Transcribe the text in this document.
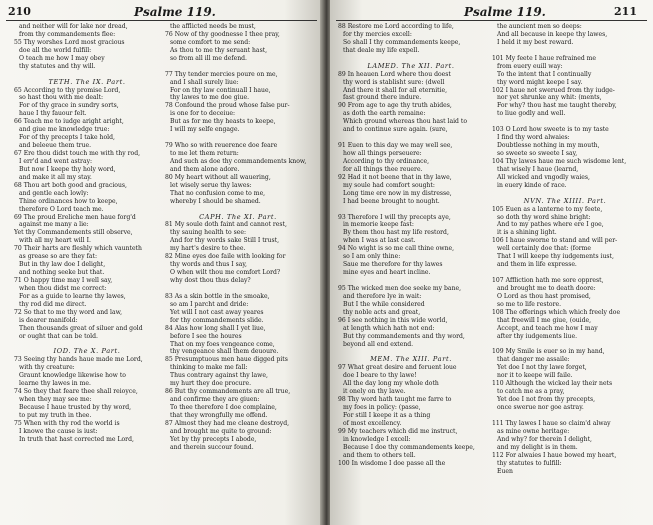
210	Psalme 119.
and neither will for lake nor dread,
from thy commandements flee:
55 Thy worshes Lord most gracious
doe all the world fulfill:
O teach me how I may obey
thy statutes and thy will.
TETH. The IX. Part.
65 According to thy promise Lord,
so hast thou with me dealt:
For of thy grace in sundry sorts,
haue I thy fauour felt.
66 Teach me to iudge aright aright,
and giue me knowledge true:
For of thy precepts I take hold,
and beleeue them true.
67 Ere thou didst touch me with thy rod,
I err'd and went astray:
But now I keepe thy holy word,
and make it all my stay.
68 Thou art both good and gracious,
and gentle each lowly:
Thine ordinances how to keepe,
therefore O Lord teach me.
69 The proud Ereliche men haue forg'd
against me many a lie:
Yet thy Commandements still observe,
with all my heart will I.
70 Their harts are fleshly which vaunteth
as grease so are they fat:
But in thy law doe I delight,
and nothing seeke but that.
71 O happy time may I well say,
when thou didst me correct:
For as a guide to learne thy lawes,
thy rod did me direct.
72 So that to me thy word and law,
is dearer manifold:
Then thousands great of siluer and gold
or ought that can be told.
IOD. The X. Part.
73 Seeing thy hands haue made me Lord,
with thy creature:
Graunt knowledge likewise how to
learne thy lawes in me.
74 So they that feare thee shall reioyce,
when they may see me:
Because I haue trusted by thy word,
to put my truth in thee.
75 When with thy rod the world is
I knowe the cause is iust:
In truth that hast corrected me Lord,
the afflicted needs be must,
76 Now of thy goodnesse I thee pray,
some comfort to me send:
As thou to me thy seruant hast,
so from all ill me defend.
77 Thy tender mercies poure on me,
and I shall surely liue:
For on thy law continuall I haue,
thy lawes to me doe giue.
78 Confound the proud whose false pur-
is one for to deceiue:
But as for me thy heasts to keepe,
I will my selfe engage.
79 Who so with reuerence doe feare
to me let them return:
And such as doe thy commandements know,
and them alone adore.
80 My heart without all wauering,
let wisely serue thy lawes:
That no confusion come to me,
whereby I should be shamed.
CAPH. The XI. Part.
81 My soule doth faint and cannot rest,
thy sauing health to see:
And for thy words sake Still I trust,
my hart's desire to thee.
82 Mine eyes doe faile with looking for
thy words and thus I say,
O when wilt thou me comfort Lord?
why dost thou thus delay?
83 As a skin bottle in the smoake,
so am I parcht and dride:
Yet will I not cast away yeares
for thy commandements slide.
84 Alas how long shall I yet liue,
before I see the houres
That on my foes vengeance come,
thy vengeance shall them deuoure.
85 Presumptuous men haue digged pits
thinking to make me fall:
Thus contrary against thy lawe,
my hurt they doe procure.
86 But thy commandements are all true,
and confirme they are giuen:
To thee therefore I doe complaine,
that they wrongfully me offend.
87 Almost they had me cleane destroyd,
and brought me quite to ground:
Yet by thy precepts I abode,
and therein succour found.
Psalme 119.	211
88 Restore me Lord according to life,
for thy mercies excell:
So shall I thy commandements keepe,
that deale my life expell.
LAMED. The XII. Part.
89 In heauen Lord where thou doest
thy word is stablisht sure: (dwell
And there it shall for all eternitie,
fast ground there indure.
90 From age to age thy truth abides,
as doth the earth remaine:
Which ground whereas thou hast laid to
and to continue sure again. (sure,
91 Euen to this day we may well see,
how all things perseuere:
According to thy ordinance,
for all things thee reuere.
92 Had it not beene that in thy lawe,
my soule had comfort sought:
Long time ere now in my distresse,
I had beene brought to nought.
93 Therefore I will thy precepts aye,
in memorie keepe fast:
By them thou hast my life restord,
when I was at last cast.
94 No wight is so me call thine owne,
so I am only thine:
Saue me therefore for thy lawes
mine eyes and heart incline.
95 The wicked men doe seeke my bane,
and therefore lye in wait:
But I the while considered
thy noble acts and great,
96 I see nothing in this wide world,
at length which hath not end:
But thy commandements and thy word,
beyond all end extend.
MEM. The XIII. Part.
97 What great desire and feruent loue
doe I beare to thy lawe!
All the day long my whole doth
it onely on thy lawe.
98 Thy word hath taught me farre to
my foes in policy: (passe,
For still I keepe it as a thing
of most excellency.
99 My teachers which did me instruct,
in knowledge I excell:
Because I doe thy commandements keepe,
and them to others tell.
100 In wisdome I doe passe all the
the auncient men so deeps:
And all because in keepe thy lawes,
I held it my best reward.
101 My feete I haue refrained me
from euery euill way:
To the intent that I continually
thy word might keepe I say.
102 I haue not swerued from thy iudge-
nor yet shrunke any whit: (ments,
For why? thou hast me taught thereby,
to liue godly and well.
103 O Lord how sweete is to my taste
I find thy word alwaies:
Doubtlesse nothing in my mouth,
so sweete so sweete I say,
104 Thy lawes haue me such wisdome lent,
that wisely I haue (learnd,
All wicked and vngodly waies,
in euery kinde of race.
NVN. The XIIII. Part.
105 Euen as a lanterne to my feete,
so doth thy word shine bright:
And to my pathes where ere I goe,
it is a shining light.
106 I haue sworne to stand and will per-
well certainly doe that: (forme
That I will keepe thy iudgements iust,
and them in life expresse.
107 Affliction hath me sore opprest,
and brought me to death doore:
O Lord as thou hast promised,
so me to life restore.
108 The offerings which which freely doe
that freewill I me giue, (ouide,
Accept, and teach me how I may
after thy iudgements liue.
109 My Smile is euer so in my hand,
that danger me assaile:
Yet doe I not thy lawe forget,
nor it to keepe will faile.
110 Although the wicked lay their nets
to catch me as a pray,
Yet doe I not from thy precepts,
once swerue nor goe astray.
111 Thy lawes I haue so claim'd alway
as mine owne heritage:
And why? for therein I delight,
and my delight is in them.
112 For alwaies I haue bowed my heart,
thy statutes to fulfill:
Euen
